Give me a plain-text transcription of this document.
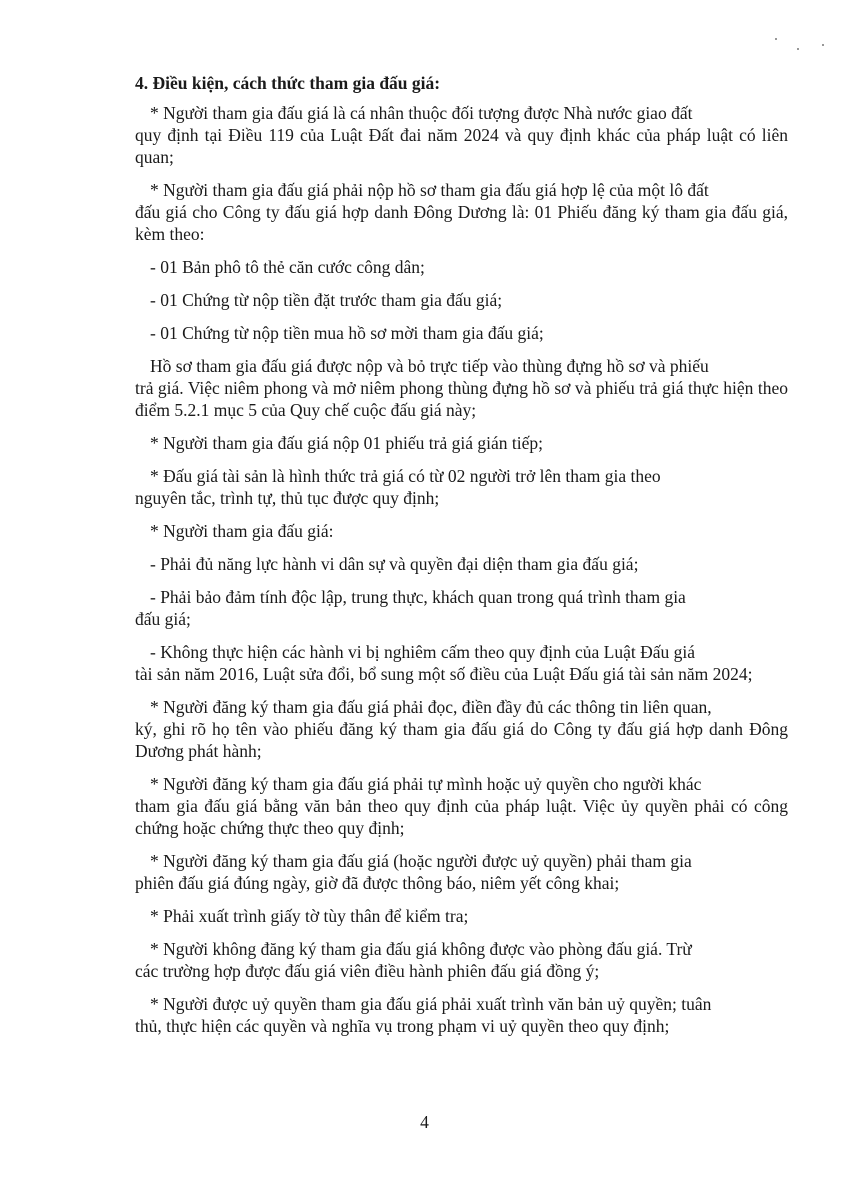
4. Điều kiện, cách thức tham gia đấu giá:

* Người tham gia đấu giá là cá nhân thuộc đối tượng được Nhà nước giao đất
quy định tại Điều 119 của Luật Đất đai năm 2024 và quy định khác của pháp luật có liên quan;

* Người tham gia đấu giá phải nộp hồ sơ tham gia đấu giá hợp lệ của một lô đất
đấu giá cho Công ty đấu giá hợp danh Đông Dương là: 01 Phiếu đăng ký tham gia đấu giá, kèm theo:

- 01 Bản phô tô thẻ căn cước công dân;

- 01 Chứng từ nộp tiền đặt trước tham gia đấu giá;

- 01 Chứng từ nộp tiền mua hồ sơ mời tham gia đấu giá;

Hồ sơ tham gia đấu giá được nộp và bỏ trực tiếp vào thùng đựng hồ sơ và phiếu
trả giá. Việc niêm phong và mở niêm phong thùng đựng hồ sơ và phiếu trả giá thực hiện theo điểm 5.2.1 mục 5 của Quy chế cuộc đấu giá này;

* Người tham gia đấu giá nộp 01 phiếu trả giá gián tiếp;

* Đấu giá tài sản là hình thức trả giá có từ 02 người trở lên tham gia theo
nguyên tắc, trình tự, thủ tục được quy định;

* Người tham gia đấu giá:

- Phải đủ năng lực hành vi dân sự và quyền đại diện tham gia đấu giá;

- Phải bảo đảm tính độc lập, trung thực, khách quan trong quá trình tham gia
đấu giá;

- Không thực hiện các hành vi bị nghiêm cấm theo quy định của Luật Đấu giá
tài sản năm 2016, Luật sửa đổi, bổ sung một số điều của Luật Đấu giá tài sản năm 2024;

* Người đăng ký tham gia đấu giá phải đọc, điền đầy đủ các thông tin liên quan,
ký, ghi rõ họ tên vào phiếu đăng ký tham gia đấu giá do Công ty đấu giá hợp danh Đông Dương phát hành;

* Người đăng ký tham gia đấu giá phải tự mình hoặc uỷ quyền cho người khác
tham gia đấu giá bằng văn bản theo quy định của pháp luật. Việc ủy quyền phải có công chứng hoặc chứng thực theo quy định;

* Người đăng ký tham gia đấu giá (hoặc người được uỷ quyền) phải tham gia
phiên đấu giá đúng ngày, giờ đã được thông báo, niêm yết công khai;

* Phải xuất trình giấy tờ tùy thân để kiểm tra;

* Người không đăng ký tham gia đấu giá không được vào phòng đấu giá. Trừ
các trường hợp được đấu giá viên điều hành phiên đấu giá đồng ý;

* Người được uỷ quyền tham gia đấu giá phải xuất trình văn bản uỷ quyền; tuân
thủ, thực hiện các quyền và nghĩa vụ trong phạm vi uỷ quyền theo quy định;

4
